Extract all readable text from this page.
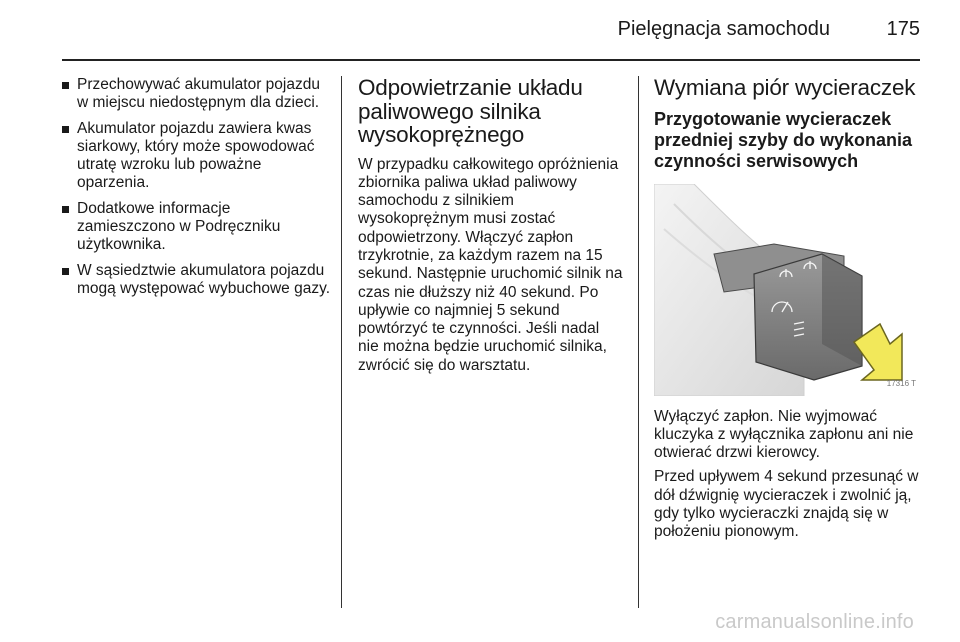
Pielęgnacja samochodu	175
Przechowywać akumulator pojazdu w miejscu niedostępnym dla dzieci.
Akumulator pojazdu zawiera kwas siarkowy, który może spowodować utratę wzroku lub poważne oparzenia.
Dodatkowe informacje zamieszczono w Podręczniku użytkownika.
W sąsiedztwie akumulatora pojazdu mogą występować wybuchowe gazy.
Odpowietrzanie układu paliwowego silnika wysokoprężnego

W przypadku całkowitego opróżnienia zbiornika paliwa układ paliwowy samochodu z silnikiem wysokoprężnym musi zostać odpowietrzony. Włączyć zapłon trzykrotnie, za każdym razem na 15 sekund. Następnie uruchomić silnik na czas nie dłuższy niż 40 sekund. Po upływie co najmniej 5 sekund powtórzyć te czynności. Jeśli nadal nie można będzie uruchomić silnika, zwrócić się do warsztatu.

Wymiana piór wycieraczek
Przygotowanie wycieraczek przedniej szyby do wykonania czynności serwisowych
17316 T

Wyłączyć zapłon. Nie wyjmować kluczyka z wyłącznika zapłonu ani nie otwierać drzwi kierowcy.

Przed upływem 4 sekund przesunąć w dół dźwignię wycieraczek i zwolnić ją, gdy tylko wycieraczki znajdą się w położeniu pionowym.

carmanualsonline.info
